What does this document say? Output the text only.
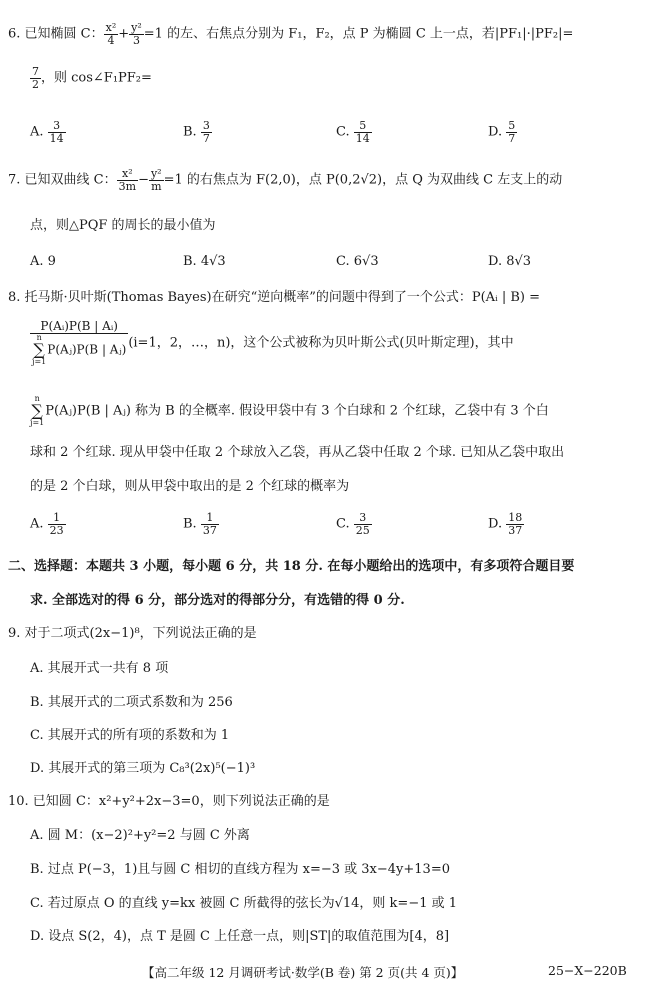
6. 已知椭圆 C： $\frac{\text{x²}}{4} + \frac{\text{y²}}{3} =1$ 的左、右焦点分别为 F₁，F₂，点 P 为椭圆 C 上一点，若|PF₁|·|PF₂|=
$\frac{7}{2}$ ，则 cos∠F₁PF₂=
A. $\frac{3}{14}$	B. $\frac{3}{7}$	C. $\frac{5}{14}$	D. $\frac{5}{7}$
7. 已知双曲线 C： $\frac{\text{x²}}{3m} - \frac{\text{y²}}{m} =1$ 的右焦点为 F(2,0)，点 P(0,2√2)，点 Q 为双曲线 C 左支上的动
点，则△PQF 的周长的最小值为
A. 9	B. 4√3	C. 6√3	D. 8√3
8. 托马斯·贝叶斯(Thomas Bayes)在研究“逆向概率”的问题中得到了一个公式：P(Aᵢ | B) =
P(Aᵢ)P(B | Aᵢ)
n
∑
j=1P(Aⱼ)P(B | Aⱼ) (i=1，2，…，n)，这个公式被称为贝叶斯公式(贝叶斯定理)，其中
n
∑
j=1P(Aⱼ)P(B | Aⱼ) 称为 B 的全概率. 假设甲袋中有 3 个白球和 2 个红球，乙袋中有 3 个白
球和 2 个红球. 现从甲袋中任取 2 个球放入乙袋，再从乙袋中任取 2 个球. 已知从乙袋中取出
的是 2 个白球，则从甲袋中取出的是 2 个红球的概率为
A. $\frac{1}{23}$	B. $\frac{1}{37}$	C. $\frac{3}{25}$	D. $\frac{18}{37}$
二、选择题：本题共 3 小题，每小题 6 分，共 18 分. 在每小题给出的选项中，有多项符合题目要
求. 全部选对的得 6 分，部分选对的得部分分，有选错的得 0 分.
9. 对于二项式(2x−1)⁸，下列说法正确的是
A. 其展开式一共有 8 项
B. 其展开式的二项式系数和为 256
C. 其展开式的所有项的系数和为 1
D. 其展开式的第三项为 C₈³(2x)⁵(−1)³
10. 已知圆 C：x²+y²+2x−3=0，则下列说法正确的是
A. 圆 M：(x−2)²+y²=2 与圆 C 外离
B. 过点 P(−3，1)且与圆 C 相切的直线方程为 x=−3 或 3x−4y+13=0
C. 若过原点 O 的直线 y=kx 被圆 C 所截得的弦长为√14，则 k=−1 或 1
D. 设点 S(2，4)，点 T 是圆 C 上任意一点，则|ST|的取值范围为[4，8]
【高二年级 12 月调研考试·数学(B 卷) 第 2 页(共 4 页)】	25−X−220B
